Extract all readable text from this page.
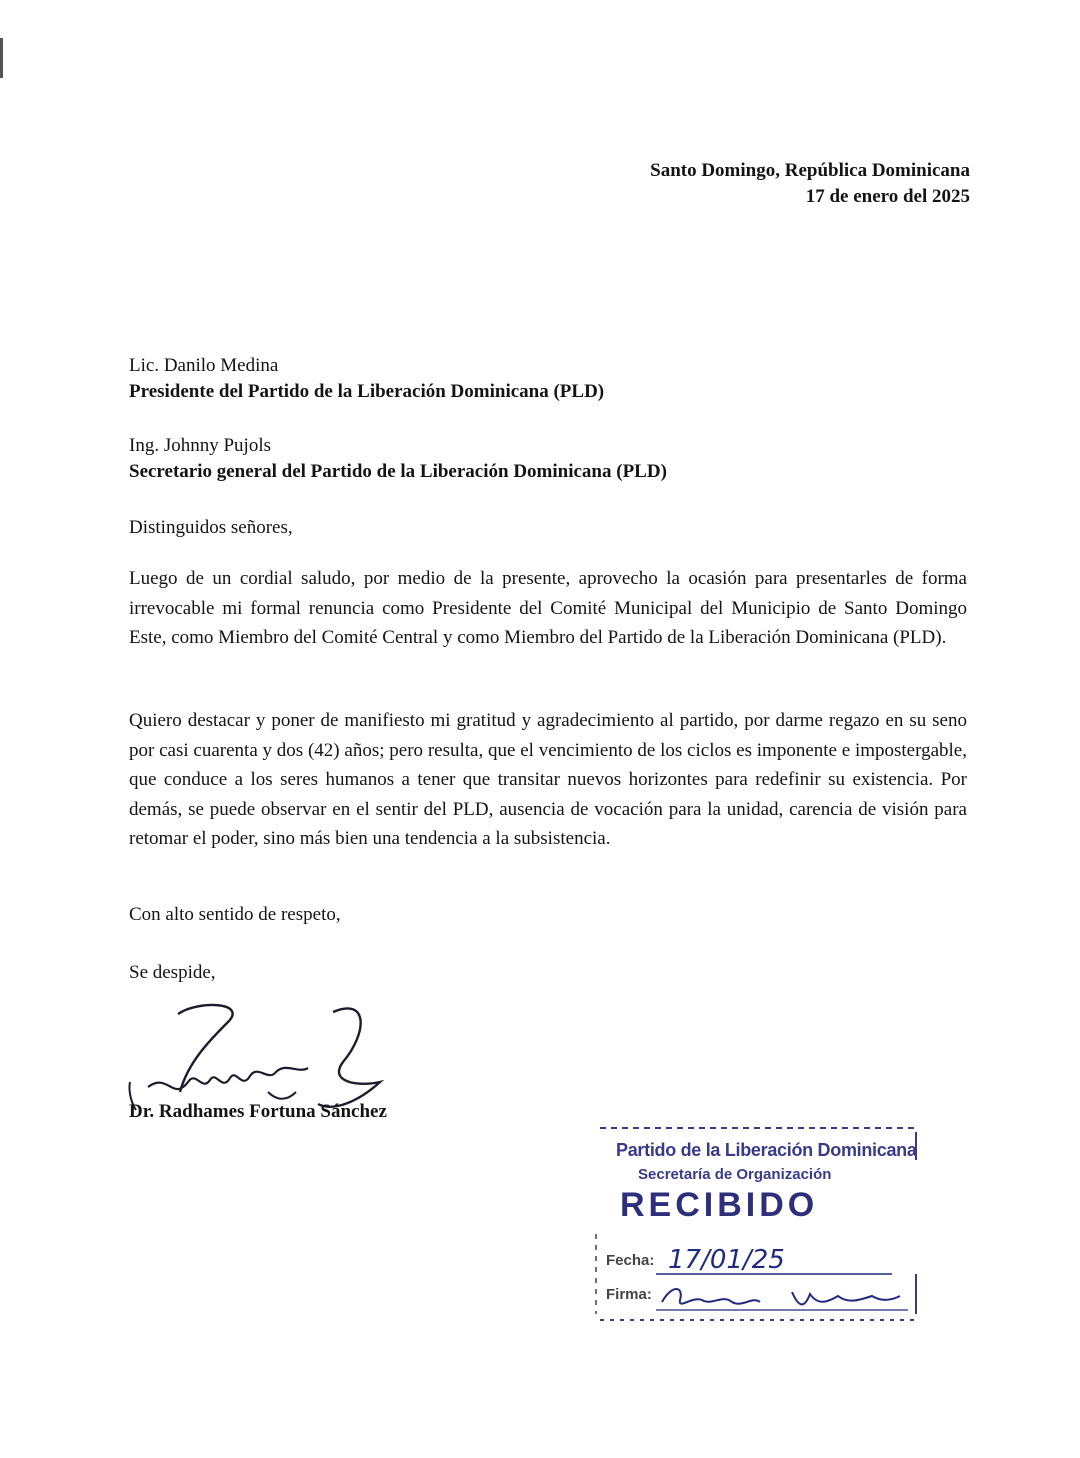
Santo Domingo, República Dominicana
17 de enero del 2025
Lic. Danilo Medina
Presidente del Partido de la Liberación Dominicana (PLD)
Ing. Johnny Pujols
Secretario general del Partido de la Liberación Dominicana (PLD)

Distinguidos señores,

Luego de un cordial saludo, por medio de la presente, aprovecho la ocasión para presentarles de forma irrevocable mi formal renuncia como Presidente del Comité Municipal del Municipio de Santo Domingo Este, como Miembro del Comité Central y como Miembro del Partido de la Liberación Dominicana (PLD).

Quiero destacar y poner de manifiesto mi gratitud y agradecimiento al partido, por darme regazo en su seno por casi cuarenta y dos (42) años; pero resulta, que el vencimiento de los ciclos es imponente e impostergable, que conduce a los seres humanos a tener que transitar nuevos horizontes para redefinir su existencia. Por demás, se puede observar en el sentir del PLD, ausencia de vocación para la unidad, carencia de visión para retomar el poder, sino más bien una tendencia a la subsistencia.

Con alto sentido de respeto,

Se despide,

Dr. Radhames Fortuna Sánchez
Partido de la Liberación Dominicana
Secretaría de Organización
RECIBIDO
Fecha:
Firma:
17/01/25
